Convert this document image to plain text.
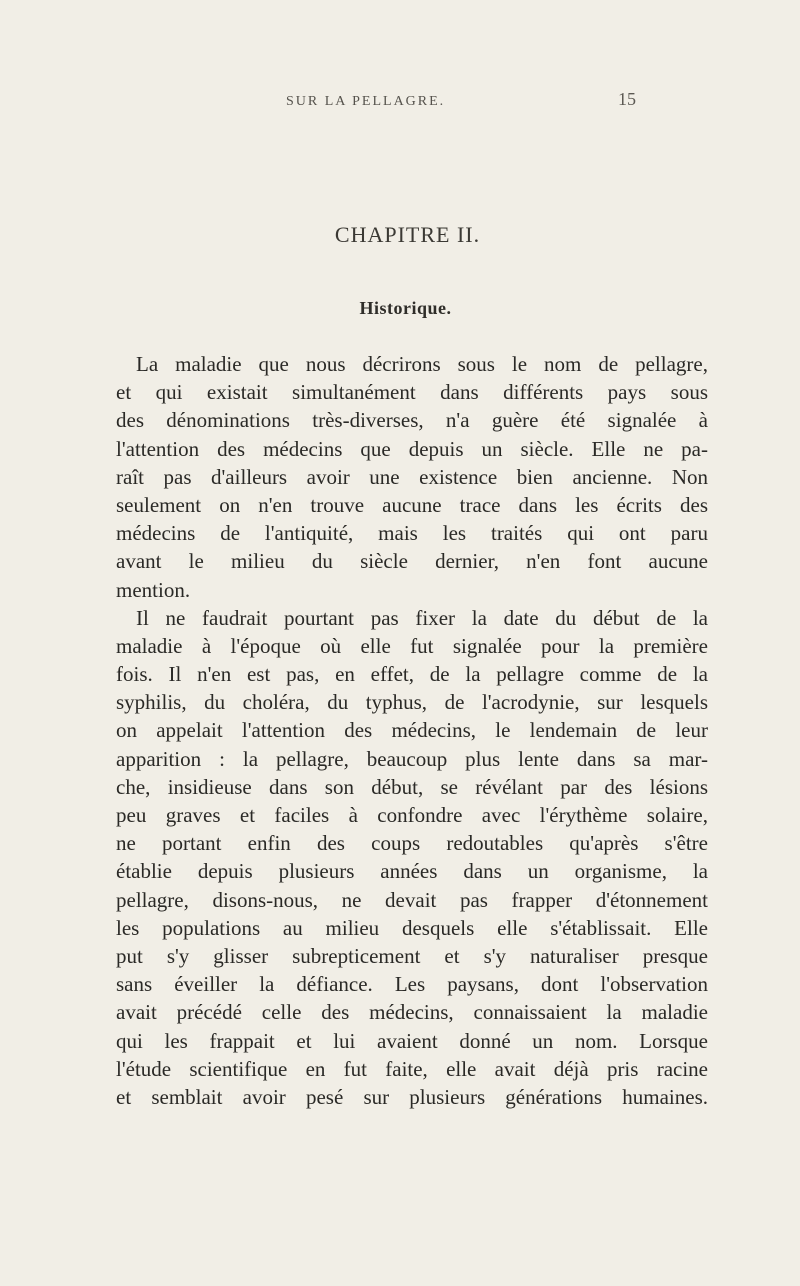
SUR LA PELLAGRE.	15
CHAPITRE II.
Historique.
La maladie que nous décrirons sous le nom de pellagre,
et qui existait simultanément dans différents pays sous
des dénominations très-diverses, n'a guère été signalée à
l'attention des médecins que depuis un siècle. Elle ne pa-
raît pas d'ailleurs avoir une existence bien ancienne. Non
seulement on n'en trouve aucune trace dans les écrits des
médecins de l'antiquité, mais les traités qui ont paru
avant le milieu du siècle dernier, n'en font aucune
mention.
Il ne faudrait pourtant pas fixer la date du début de la
maladie à l'époque où elle fut signalée pour la première
fois. Il n'en est pas, en effet, de la pellagre comme de la
syphilis, du choléra, du typhus, de l'acrodynie, sur lesquels
on appelait l'attention des médecins, le lendemain de leur
apparition : la pellagre, beaucoup plus lente dans sa mar-
che, insidieuse dans son début, se révélant par des lésions
peu graves et faciles à confondre avec l'érythème solaire,
ne portant enfin des coups redoutables qu'après s'être
établie depuis plusieurs années dans un organisme, la
pellagre, disons-nous, ne devait pas frapper d'étonnement
les populations au milieu desquels elle s'établissait. Elle
put s'y glisser subrepticement et s'y naturaliser presque
sans éveiller la défiance. Les paysans, dont l'observation
avait précédé celle des médecins, connaissaient la maladie
qui les frappait et lui avaient donné un nom. Lorsque
l'étude scientifique en fut faite, elle avait déjà pris racine
et semblait avoir pesé sur plusieurs générations humaines.
